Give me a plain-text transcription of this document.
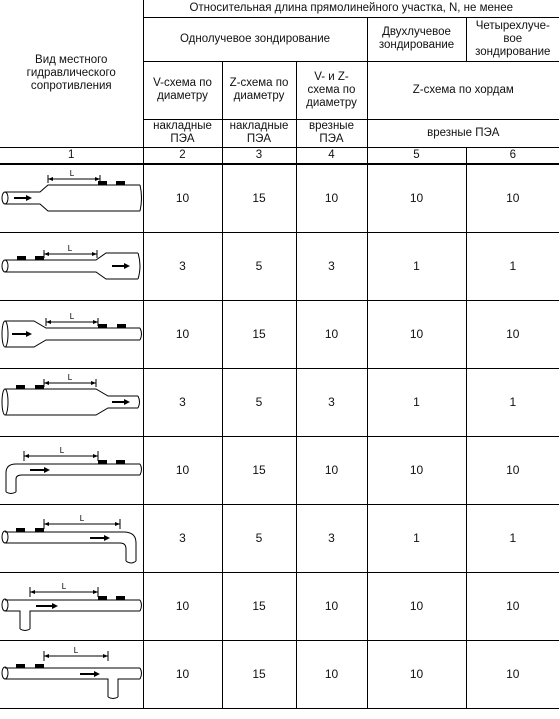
Вид местного гидравлического сопротивления	Относительная длина прямолинейного участка, N, не менее				
	Однолучевое зондирование			Двухлучевое зондирование	Четырехлуче-вое зондирование
	V-схема по диаметру	Z-схема по диаметру	V- и Z-схема по диаметру	Z-схема по хордам	
	накладные ПЭА	накладные ПЭА	врезные ПЭА	врезные ПЭА	
1	2	3	4	5	6

L	10	15	10	10	10

L	3	5	3	1	1

L	10	15	10	10	10

L	3	5	3	1	1

L	10	15	10	10	10

L	3	5	3	1	1

L	10	15	10	10	10

L	10	15	10	10	10
